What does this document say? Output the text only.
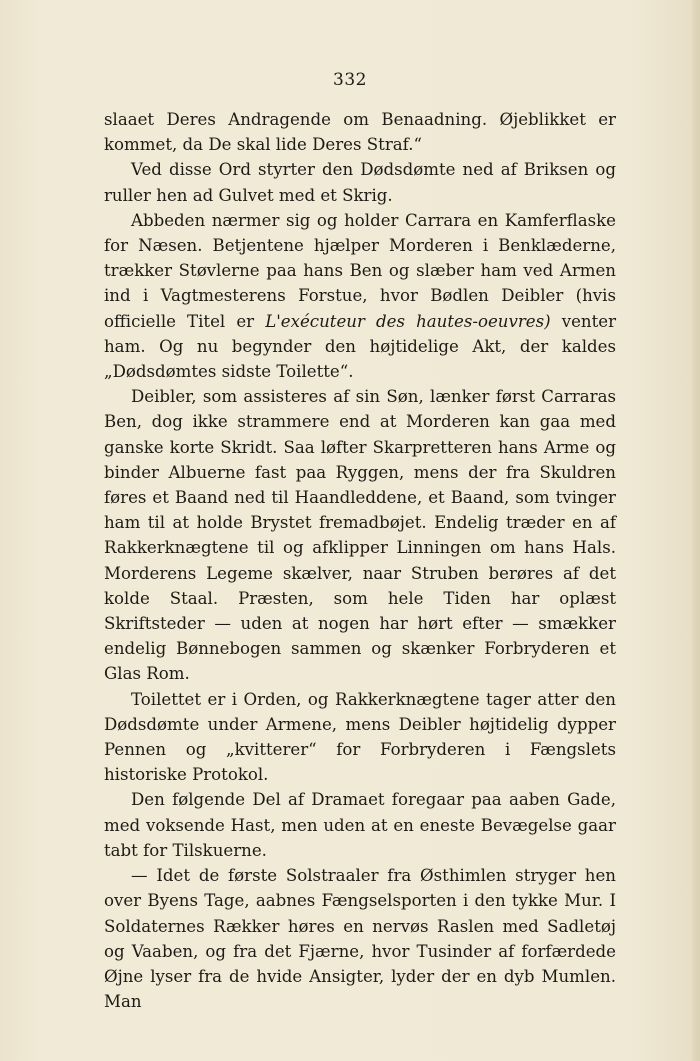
332

slaaet Deres Andragende om Benaadning. Øjeblikket er kommet, da De skal lide Deres Straf.“

Ved disse Ord styrter den Dødsdømte ned af Briksen og ruller hen ad Gulvet med et Skrig.

Abbeden nærmer sig og holder Carrara en Kamferflaske for Næsen. Betjentene hjælper Morderen i Benklæderne, trækker Støvlerne paa hans Ben og slæber ham ved Armen ind i Vagtmesterens Forstue, hvor Bødlen Deibler (hvis officielle Titel er L'exécuteur des hautes-oeuvres) venter ham. Og nu begynder den højtidelige Akt, der kaldes „Dødsdømtes sidste Toilette“.

Deibler, som assisteres af sin Søn, lænker først Carraras Ben, dog ikke strammere end at Morderen kan gaa med ganske korte Skridt. Saa løfter Skarpretteren hans Arme og binder Albuerne fast paa Ryggen, mens der fra Skuldren føres et Baand ned til Haandleddene, et Baand, som tvinger ham til at holde Brystet fremadbøjet. Endelig træder en af Rakkerknægtene til og afklipper Linningen om hans Hals. Morderens Legeme skælver, naar Struben berøres af det kolde Staal. Præsten, som hele Tiden har oplæst Skriftsteder — uden at nogen har hørt efter — smækker endelig Bønnebogen sammen og skænker Forbryderen et Glas Rom.

Toilettet er i Orden, og Rakkerknægtene tager atter den Dødsdømte under Armene, mens Deibler højtidelig dypper Pennen og „kvitterer“ for Forbryderen i Fængslets historiske Protokol.

Den følgende Del af Dramaet foregaar paa aaben Gade, med voksende Hast, men uden at en eneste Bevægelse gaar tabt for Tilskuerne.

— Idet de første Solstraaler fra Østhimlen stryger hen over Byens Tage, aabnes Fængselsporten i den tykke Mur. I Soldaternes Rækker høres en nervøs Raslen med Sadletøj og Vaaben, og fra det Fjærne, hvor Tusinder af forfærdede Øjne lyser fra de hvide Ansigter, lyder der en dyb Mumlen. Man
